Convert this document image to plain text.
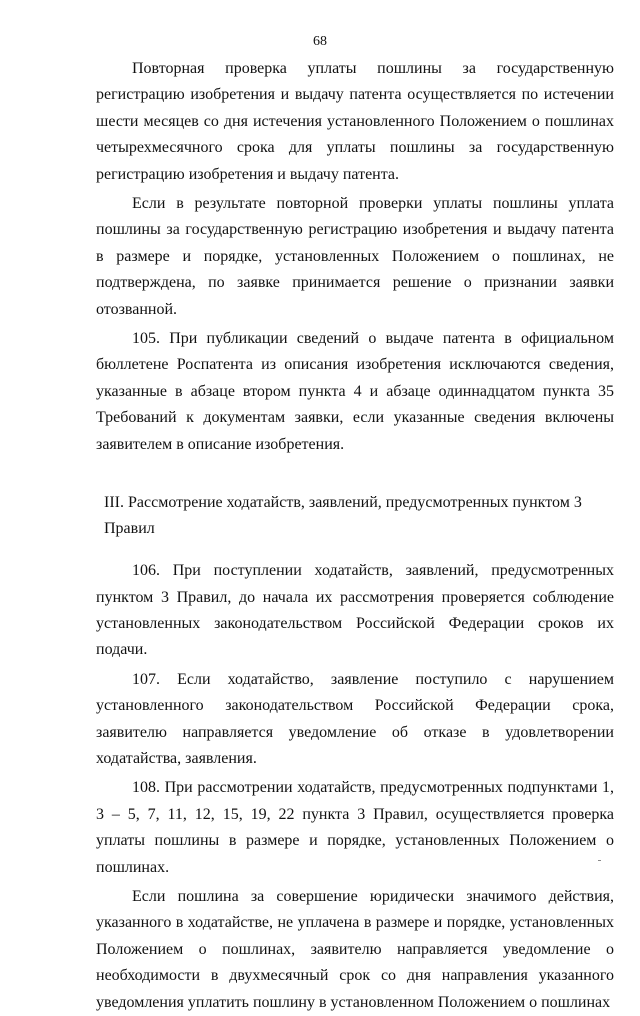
68

Повторная проверка уплаты пошлины за государственную регистрацию изобретения и выдачу патента осуществляется по истечении шести месяцев со дня истечения установленного Положением о пошлинах четырехмесячного срока для уплаты пошлины за государственную регистрацию изобретения и выдачу патента.

Если в результате повторной проверки уплаты пошлины уплата пошлины за государственную регистрацию изобретения и выдачу патента в размере и порядке, установленных Положением о пошлинах, не подтверждена, по заявке принимается решение о признании заявки отозванной.

105. При публикации сведений о выдаче патента в официальном бюллетене Роспатента из описания изобретения исключаются сведения, указанные в абзаце втором пункта 4 и абзаце одиннадцатом пункта 35 Требований к документам заявки, если указанные сведения включены заявителем в описание изобретения.

III. Рассмотрение ходатайств, заявлений, предусмотренных пунктом 3 Правил

106. При поступлении ходатайств, заявлений, предусмотренных пунктом 3 Правил, до начала их рассмотрения проверяется соблюдение установленных законодательством Российской Федерации сроков их подачи.

107. Если ходатайство, заявление поступило с нарушением установленного законодательством Российской Федерации срока, заявителю направляется уведомление об отказе в удовлетворении ходатайства, заявления.

108. При рассмотрении ходатайств, предусмотренных подпунктами 1, 3 – 5, 7, 11, 12, 15, 19, 22 пункта 3 Правил, осуществляется проверка уплаты пошлины в размере и порядке, установленных Положением о пошлинах.

Если пошлина за совершение юридически значимого действия, указанного в ходатайстве, не уплачена в размере и порядке, установленных Положением о пошлинах, заявителю направляется уведомление о необходимости в двухмесячный срок со дня направления указанного уведомления уплатить пошлину в установленном Положением о пошлинах
